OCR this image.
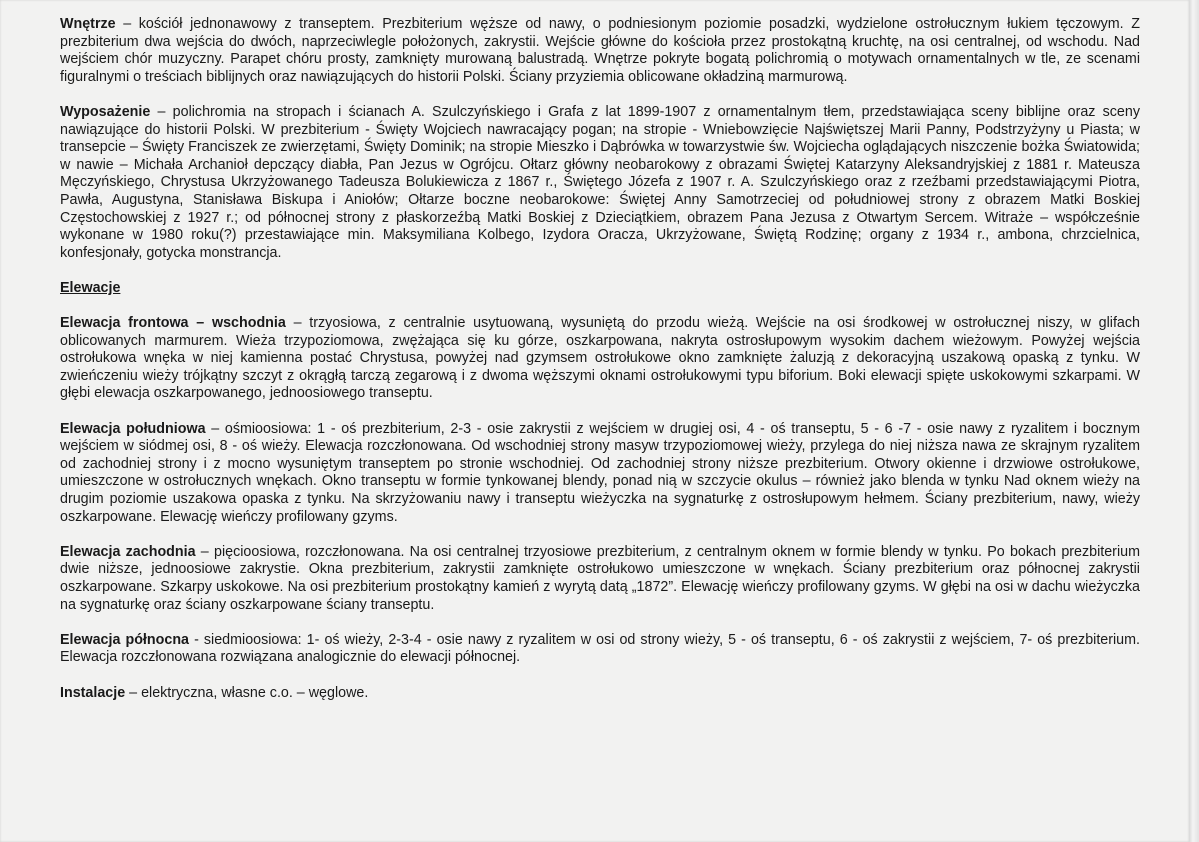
Wnętrze – kościół jednonawowy z transeptem. Prezbiterium węższe od nawy, o podniesionym poziomie posadzki, wydzielone ostrołucznym łukiem tęczowym. Z prezbiterium dwa wejścia do dwóch, naprzeciwlegle położonych, zakrystii. Wejście główne do kościoła przez prostokątną kruchtę, na osi centralnej, od wschodu. Nad wejściem chór muzyczny. Parapet chóru prosty, zamknięty murowaną balustradą. Wnętrze pokryte bogatą polichromią o motywach ornamentalnych w tle, ze scenami figuralnymi o treściach biblijnych oraz nawiązujących do historii Polski. Ściany przyziemia oblicowane okładziną marmurową.

Wyposażenie – polichromia na stropach i ścianach A. Szulczyńskiego i Grafa z lat 1899-1907 z ornamentalnym tłem, przedstawiająca sceny biblijne oraz sceny nawiązujące do historii Polski. W prezbiterium - Święty Wojciech nawracający pogan; na stropie - Wniebowzięcie Najświętszej Marii Panny, Podstrzyżyny u Piasta; w transepcie – Święty Franciszek ze zwierzętami, Święty Dominik; na stropie Mieszko i Dąbrówka w towarzystwie św. Wojciecha oglądających niszczenie bożka Światowida; w nawie – Michała Archanioł depczący diabła, Pan Jezus w Ogrójcu. Ołtarz główny neobarokowy z obrazami Świętej Katarzyny Aleksandryjskiej z 1881 r. Mateusza Męczyńskiego, Chrystusa Ukrzyżowanego Tadeusza Bolukiewicza z 1867 r., Świętego Józefa z 1907 r. A. Szulczyńskiego oraz z rzeźbami przedstawiającymi Piotra, Pawła, Augustyna, Stanisława Biskupa i Aniołów; Ołtarze boczne neobarokowe: Świętej Anny Samotrzeciej od południowej strony z obrazem Matki Boskiej Częstochowskiej z 1927 r.; od północnej strony z płaskorzeźbą Matki Boskiej z Dzieciątkiem, obrazem Pana Jezusa z Otwartym Sercem. Witraże – współcześnie wykonane w 1980 roku(?) przestawiające min. Maksymiliana Kolbego, Izydora Oracza, Ukrzyżowane, Świętą Rodzinę; organy z 1934 r., ambona, chrzcielnica, konfesjonały, gotycka monstrancja.

Elewacje

Elewacja frontowa – wschodnia – trzyosiowa, z centralnie usytuowaną, wysuniętą do przodu wieżą. Wejście na osi środkowej w ostrołucznej niszy, w glifach oblicowanych marmurem. Wieża trzypoziomowa, zwężająca się ku górze, oszkarpowana, nakryta ostrosłupowym wysokim dachem wieżowym. Powyżej wejścia ostrołukowa wnęka w niej kamienna postać Chrystusa, powyżej nad gzymsem ostrołukowe okno zamknięte żaluzją z dekoracyjną uszakową opaską z tynku. W zwieńczeniu wieży trójkątny szczyt z okrągłą tarczą zegarową i z dwoma węższymi oknami ostrołukowymi typu biforium. Boki elewacji spięte uskokowymi szkarpami. W głębi elewacja oszkarpowanego, jednoosiowego transeptu.

Elewacja południowa – ośmioosiowa: 1 - oś prezbiterium, 2-3 - osie zakrystii z wejściem w drugiej osi, 4 - oś transeptu, 5 - 6 -7 - osie nawy z ryzalitem i bocznym wejściem w siódmej osi, 8 - oś wieży. Elewacja rozczłonowana. Od wschodniej strony masyw trzypoziomowej wieży, przylega do niej niższa nawa ze skrajnym ryzalitem od zachodniej strony i z mocno wysuniętym transeptem po stronie wschodniej. Od zachodniej strony niższe prezbiterium. Otwory okienne i drzwiowe ostrołukowe, umieszczone w ostrołucznych wnękach. Okno transeptu w formie tynkowanej blendy, ponad nią w szczycie okulus – również jako blenda w tynku Nad oknem wieży na drugim poziomie uszakowa opaska z tynku. Na skrzyżowaniu nawy i transeptu wieżyczka na sygnaturkę z ostrosłupowym hełmem. Ściany prezbiterium, nawy, wieży oszkarpowane. Elewację wieńczy profilowany gzyms.

Elewacja zachodnia – pięcioosiowa, rozczłonowana. Na osi centralnej trzyosiowe prezbiterium, z centralnym oknem w formie blendy w tynku. Po bokach prezbiterium dwie niższe, jednoosiowe zakrystie. Okna prezbiterium, zakrystii zamknięte ostrołukowo umieszczone w wnękach. Ściany prezbiterium oraz północnej zakrystii oszkarpowane. Szkarpy uskokowe. Na osi prezbiterium prostokątny kamień z wyrytą datą „1872”. Elewację wieńczy profilowany gzyms. W głębi na osi w dachu wieżyczka na sygnaturkę oraz ściany oszkarpowane ściany transeptu.

Elewacja północna - siedmioosiowa: 1- oś wieży, 2-3-4 - osie nawy z ryzalitem w osi od strony wieży, 5 - oś transeptu, 6 - oś zakrystii z wejściem, 7- oś prezbiterium. Elewacja rozczłonowana rozwiązana analogicznie do elewacji północnej.

Instalacje – elektryczna, własne c.o. – węglowe.
